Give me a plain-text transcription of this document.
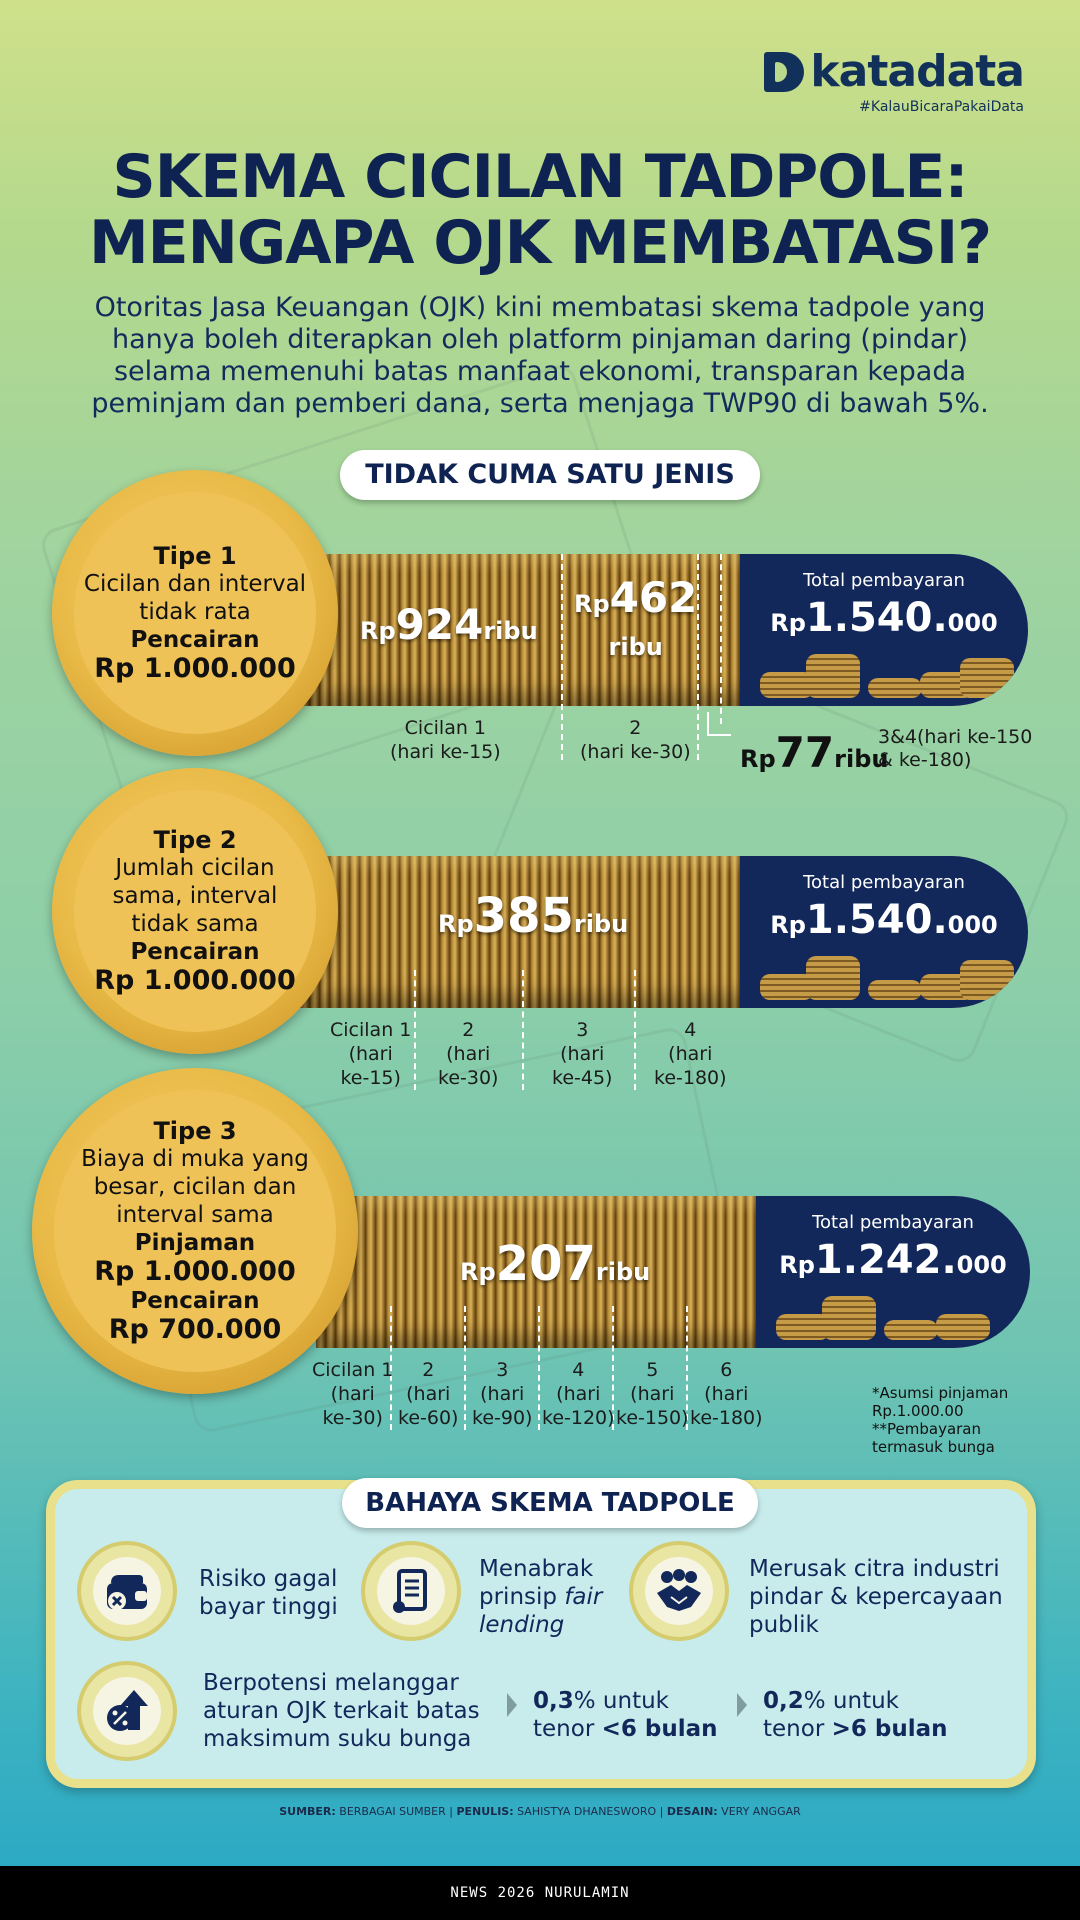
katadata
#KalauBicaraPakaiData
SKEMA CICILAN TADPOLE:
MENGAPA OJK MEMBATASI?
Otoritas Jasa Keuangan (OJK) kini membatasi skema tadpole yang hanya boleh diterapkan oleh platform pinjaman daring (pindar) selama memenuhi batas manfaat ekonomi, transparan kepada peminjam dan pemberi dana, serta menjaga TWP90 di bawah 5%.
TIDAK CUMA SATU JENIS
Total pembayaran
Rp1.540.000
Tipe 1
Cicilan dan interval
tidak rata
Pencairan
Rp 1.000.000
Rp924ribu
Rp462
ribu
Cicilan 1
(hari ke-15)
2
(hari ke-30) Rp77ribu
3&4(hari ke-150
& ke-180)
Total pembayaran
Rp1.540.000
Tipe 2
Jumlah cicilan
sama, interval
tidak sama
Pencairan
Rp 1.000.000
Rp385ribu
Cicilan 1
(hari
ke-15)
2
(hari
ke-30)
3
(hari
ke-45)
4
(hari
ke-180)
Total pembayaran
Rp1.242.000
Tipe 3
Biaya di muka yang
besar, cicilan dan
interval sama
Pinjaman
Rp 1.000.000
Pencairan
Rp 700.000
Rp207ribu
Cicilan 1
(hari
ke-30)
2
(hari
ke-60)
3
(hari
ke-90)
4
(hari
ke-120)
5
(hari
ke-150)
6
(hari
ke-180)
*Asumsi pinjaman
Rp.1.000.00
**Pembayaran
termasuk bunga
Risiko gagal
bayar tinggi
Menabrak
prinsip fair
lending
Merusak citra industri
pindar & kepercayaan
publik
Berpotensi melanggar
aturan OJK terkait batas
maksimum suku bunga
0,3% untuk
tenor <6 bulan
0,2% untuk
tenor >6 bulan
BAHAYA SKEMA TADPOLE
SUMBER: BERBAGAI SUMBER | PENULIS: SAHISTYA DHANESWORO | DESAIN: VERY ANGGAR
NEWS 2026 NURULAMIN
